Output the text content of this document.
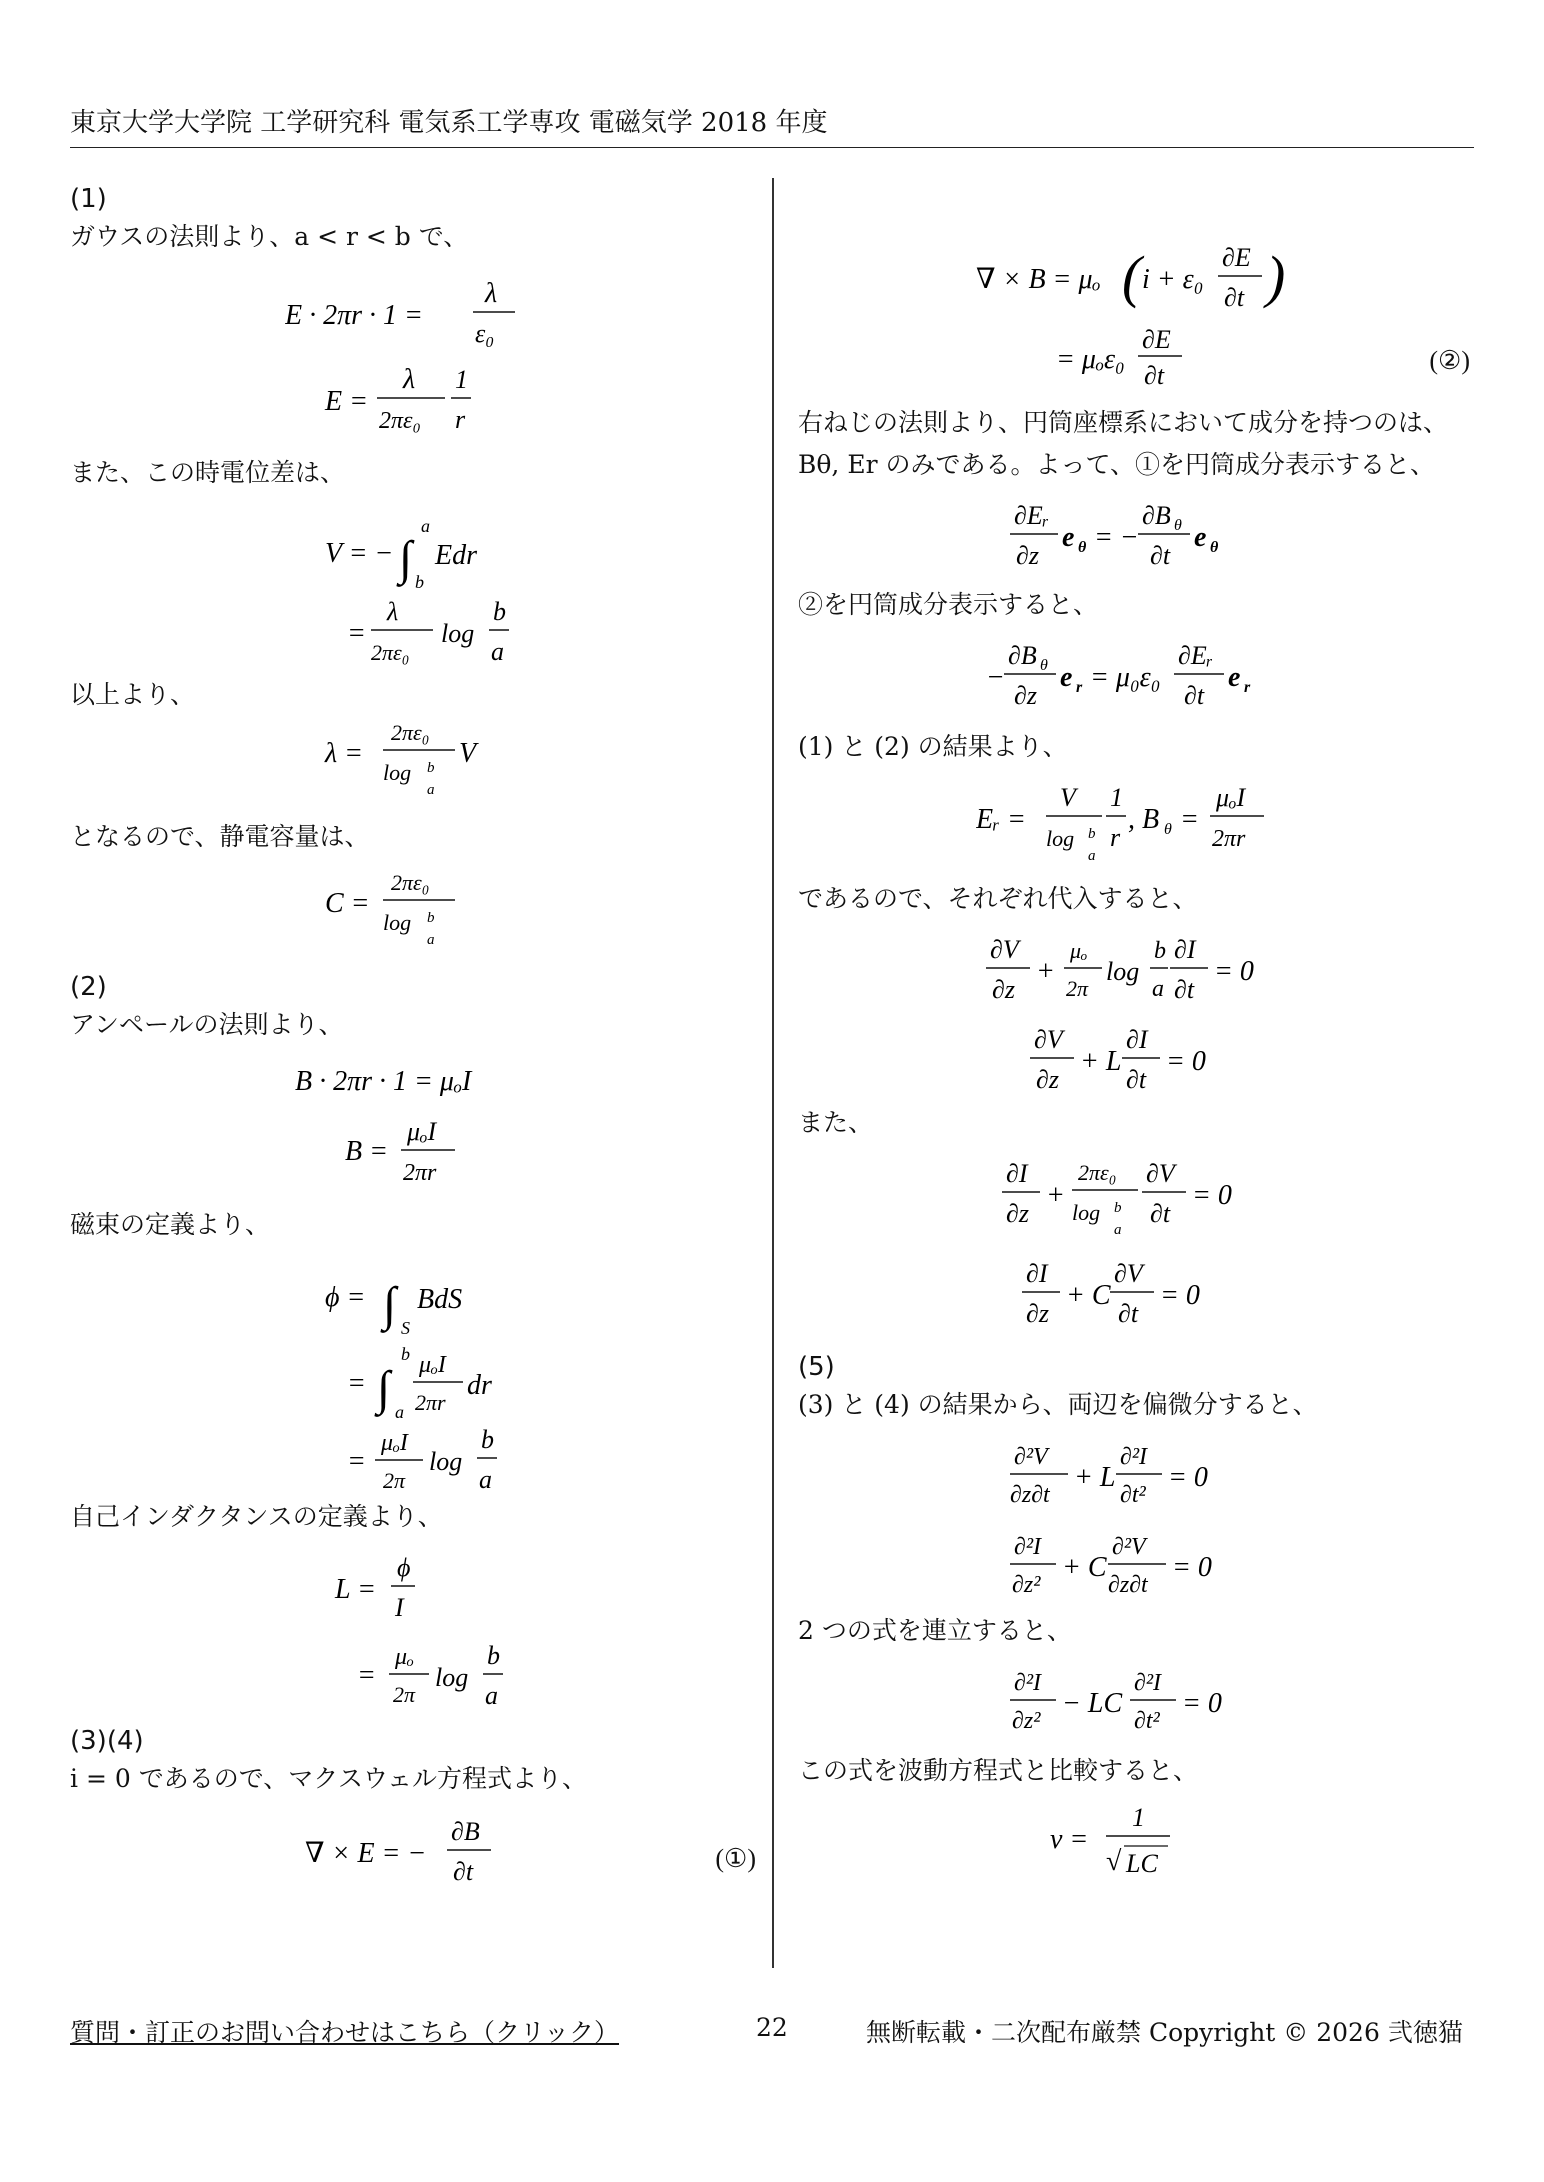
東京大学大学院 工学研究科 電気系工学専攻 電磁気学 2018 年度
(1)

ガウスの法則より、a < r < b で、

E · 2πr · 1 =
λ
ε₀
E =
λ
2πε₀
1
r

また、この時電位差は、

V = − ∫
a
b
Edr
=
λ
2πε₀
log
b
a

以上より、

λ =
2πε₀
log b
a
V

となるので、静電容量は、

C =
2πε₀
log b
a
(2)

アンペールの法則より、

B · 2πr · 1 = μₒI
B =
μₒI
2πr

磁束の定義より、

ϕ = ∫ S
BdS
= ∫
b
a
μₒI
2πr
dr
=
μₒI
2π
log
b
a

自己インダクタンスの定義より、

L =
ϕ
I
=
μₒ
2π
log
b
a
(3)(4)

i = 0 であるので、マクスウェル方程式より、

∇ × E = −
∂B
∂t	(①)
∇ × B = μₒ ( i + ε₀
∂E
∂t )
= μₒε₀
∂E
∂t
(②)

右ねじの法則より、円筒座標系において成分を持つのは、

Bθ, Er のみである。よって、①を円筒成分表示すると、

∂Eᵣ
∂z
e θ = −
∂B θ
∂t
e θ

②を円筒成分表示すると、

−
∂B θ
∂z
e r = μ₀ε₀
∂Eᵣ
∂t
e r

(1) と (2) の結果より、

Eᵣ =
V
log b
a
1
r
, B θ =
μₒI
2πr

であるので、それぞれ代入すると、

∂V
∂z
+
μₒ
2π
log
b
a
∂I
∂t
= 0
∂V
∂z
+ L
∂I
∂t
= 0

また、

∂I
∂z
+
2πε₀
log b
a
∂V
∂t
= 0
∂I
∂z
+ C
∂V
∂t
= 0
(5)

(3) と (4) の結果から、両辺を偏微分すると、

∂²V
∂z∂t
+ L
∂²I
∂t²
= 0
∂²I
∂z²
+ C
∂²V
∂z∂t
= 0

2 つの式を連立すると、

∂²I
∂z²
− LC
∂²I
∂t²
= 0

この式を波動方程式と比較すると、

v =
1
√ LC
質問・訂正のお問い合わせはこちら（クリック）	22	無断転載・二次配布厳禁 Copyright © 2026 弐徳猫
